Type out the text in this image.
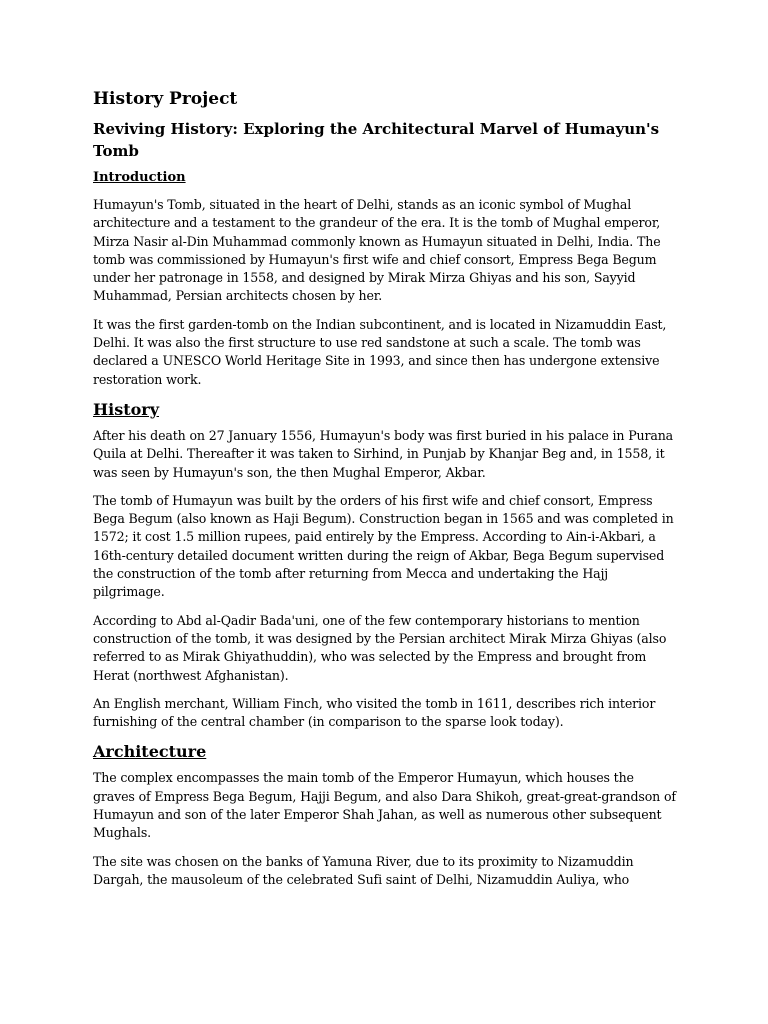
History Project
Reviving History: Exploring the Architectural Marvel of Humayun's Tomb
Introduction

Humayun's Tomb, situated in the heart of Delhi, stands as an iconic symbol of Mughal architecture and a testament to the grandeur of the era. It is the tomb of Mughal emperor, Mirza Nasir al-Din Muhammad commonly known as Humayun situated in Delhi, India. The tomb was commissioned by Humayun's first wife and chief consort, Empress Bega Begum under her patronage in 1558, and designed by Mirak Mirza Ghiyas and his son, Sayyid Muhammad, Persian architects chosen by her.

It was the first garden-tomb on the Indian subcontinent, and is located in Nizamuddin East, Delhi. It was also the first structure to use red sandstone at such a scale. The tomb was declared a UNESCO World Heritage Site in 1993, and since then has undergone extensive restoration work.

History

After his death on 27 January 1556, Humayun's body was first buried in his palace in Purana Quila at Delhi. Thereafter it was taken to Sirhind, in Punjab by Khanjar Beg and, in 1558, it was seen by Humayun's son, the then Mughal Emperor, Akbar.

The tomb of Humayun was built by the orders of his first wife and chief consort, Empress Bega Begum (also known as Haji Begum). Construction began in 1565 and was completed in 1572; it cost 1.5 million rupees, paid entirely by the Empress. According to Ain-i-Akbari, a 16th-century detailed document written during the reign of Akbar, Bega Begum supervised the construction of the tomb after returning from Mecca and undertaking the Hajj pilgrimage.

According to Abd al-Qadir Bada'uni, one of the few contemporary historians to mention construction of the tomb, it was designed by the Persian architect Mirak Mirza Ghiyas (also referred to as Mirak Ghiyathuddin), who was selected by the Empress and brought from Herat (northwest Afghanistan).

An English merchant, William Finch, who visited the tomb in 1611, describes rich interior furnishing of the central chamber (in comparison to the sparse look today).

Architecture

The complex encompasses the main tomb of the Emperor Humayun, which houses the graves of Empress Bega Begum, Hajji Begum, and also Dara Shikoh, great-great-grandson of Humayun and son of the later Emperor Shah Jahan, as well as numerous other subsequent Mughals.

The site was chosen on the banks of Yamuna River, due to its proximity to Nizamuddin Dargah, the mausoleum of the celebrated Sufi saint of Delhi, Nizamuddin Auliya, who
